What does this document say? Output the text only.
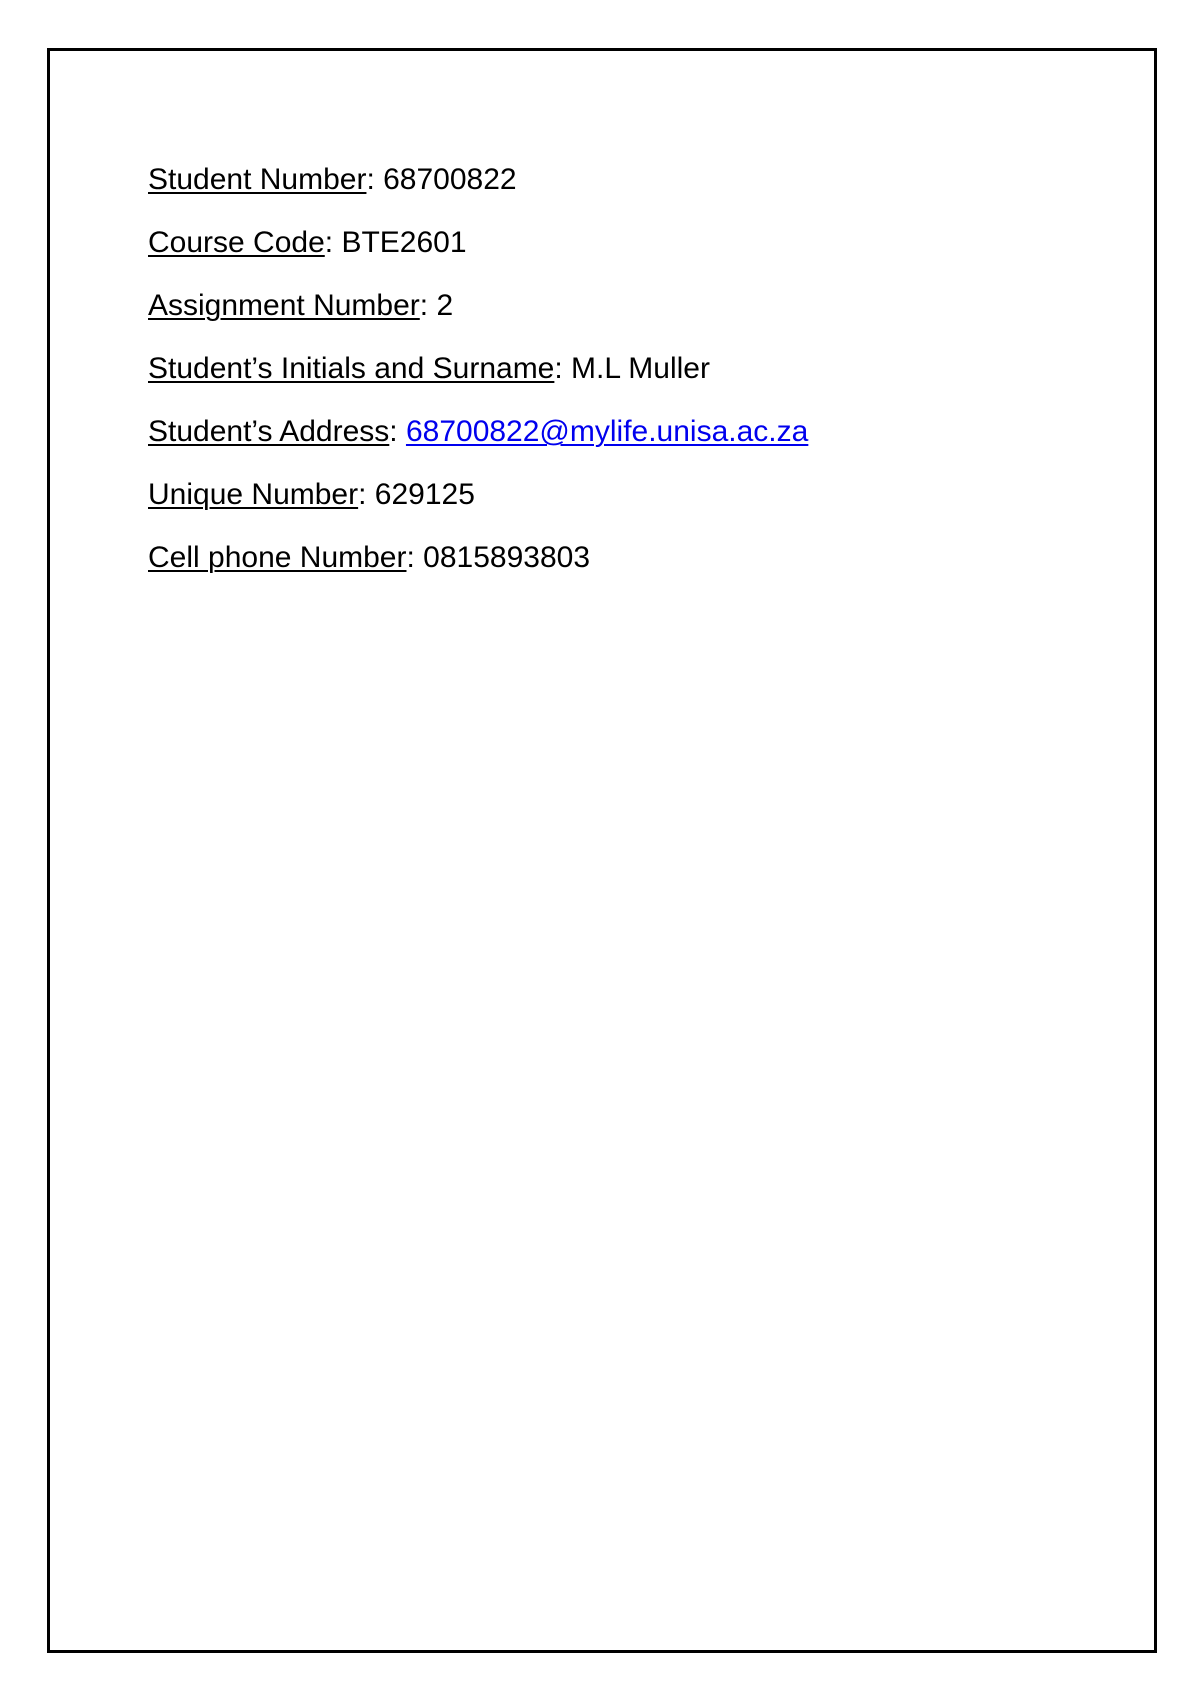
Student Number: 68700822
Course Code: BTE2601
Assignment Number: 2
Student’s Initials and Surname: M.L Muller
Student’s Address: 68700822@mylife.unisa.ac.za
Unique Number: 629125
Cell phone Number: 0815893803
